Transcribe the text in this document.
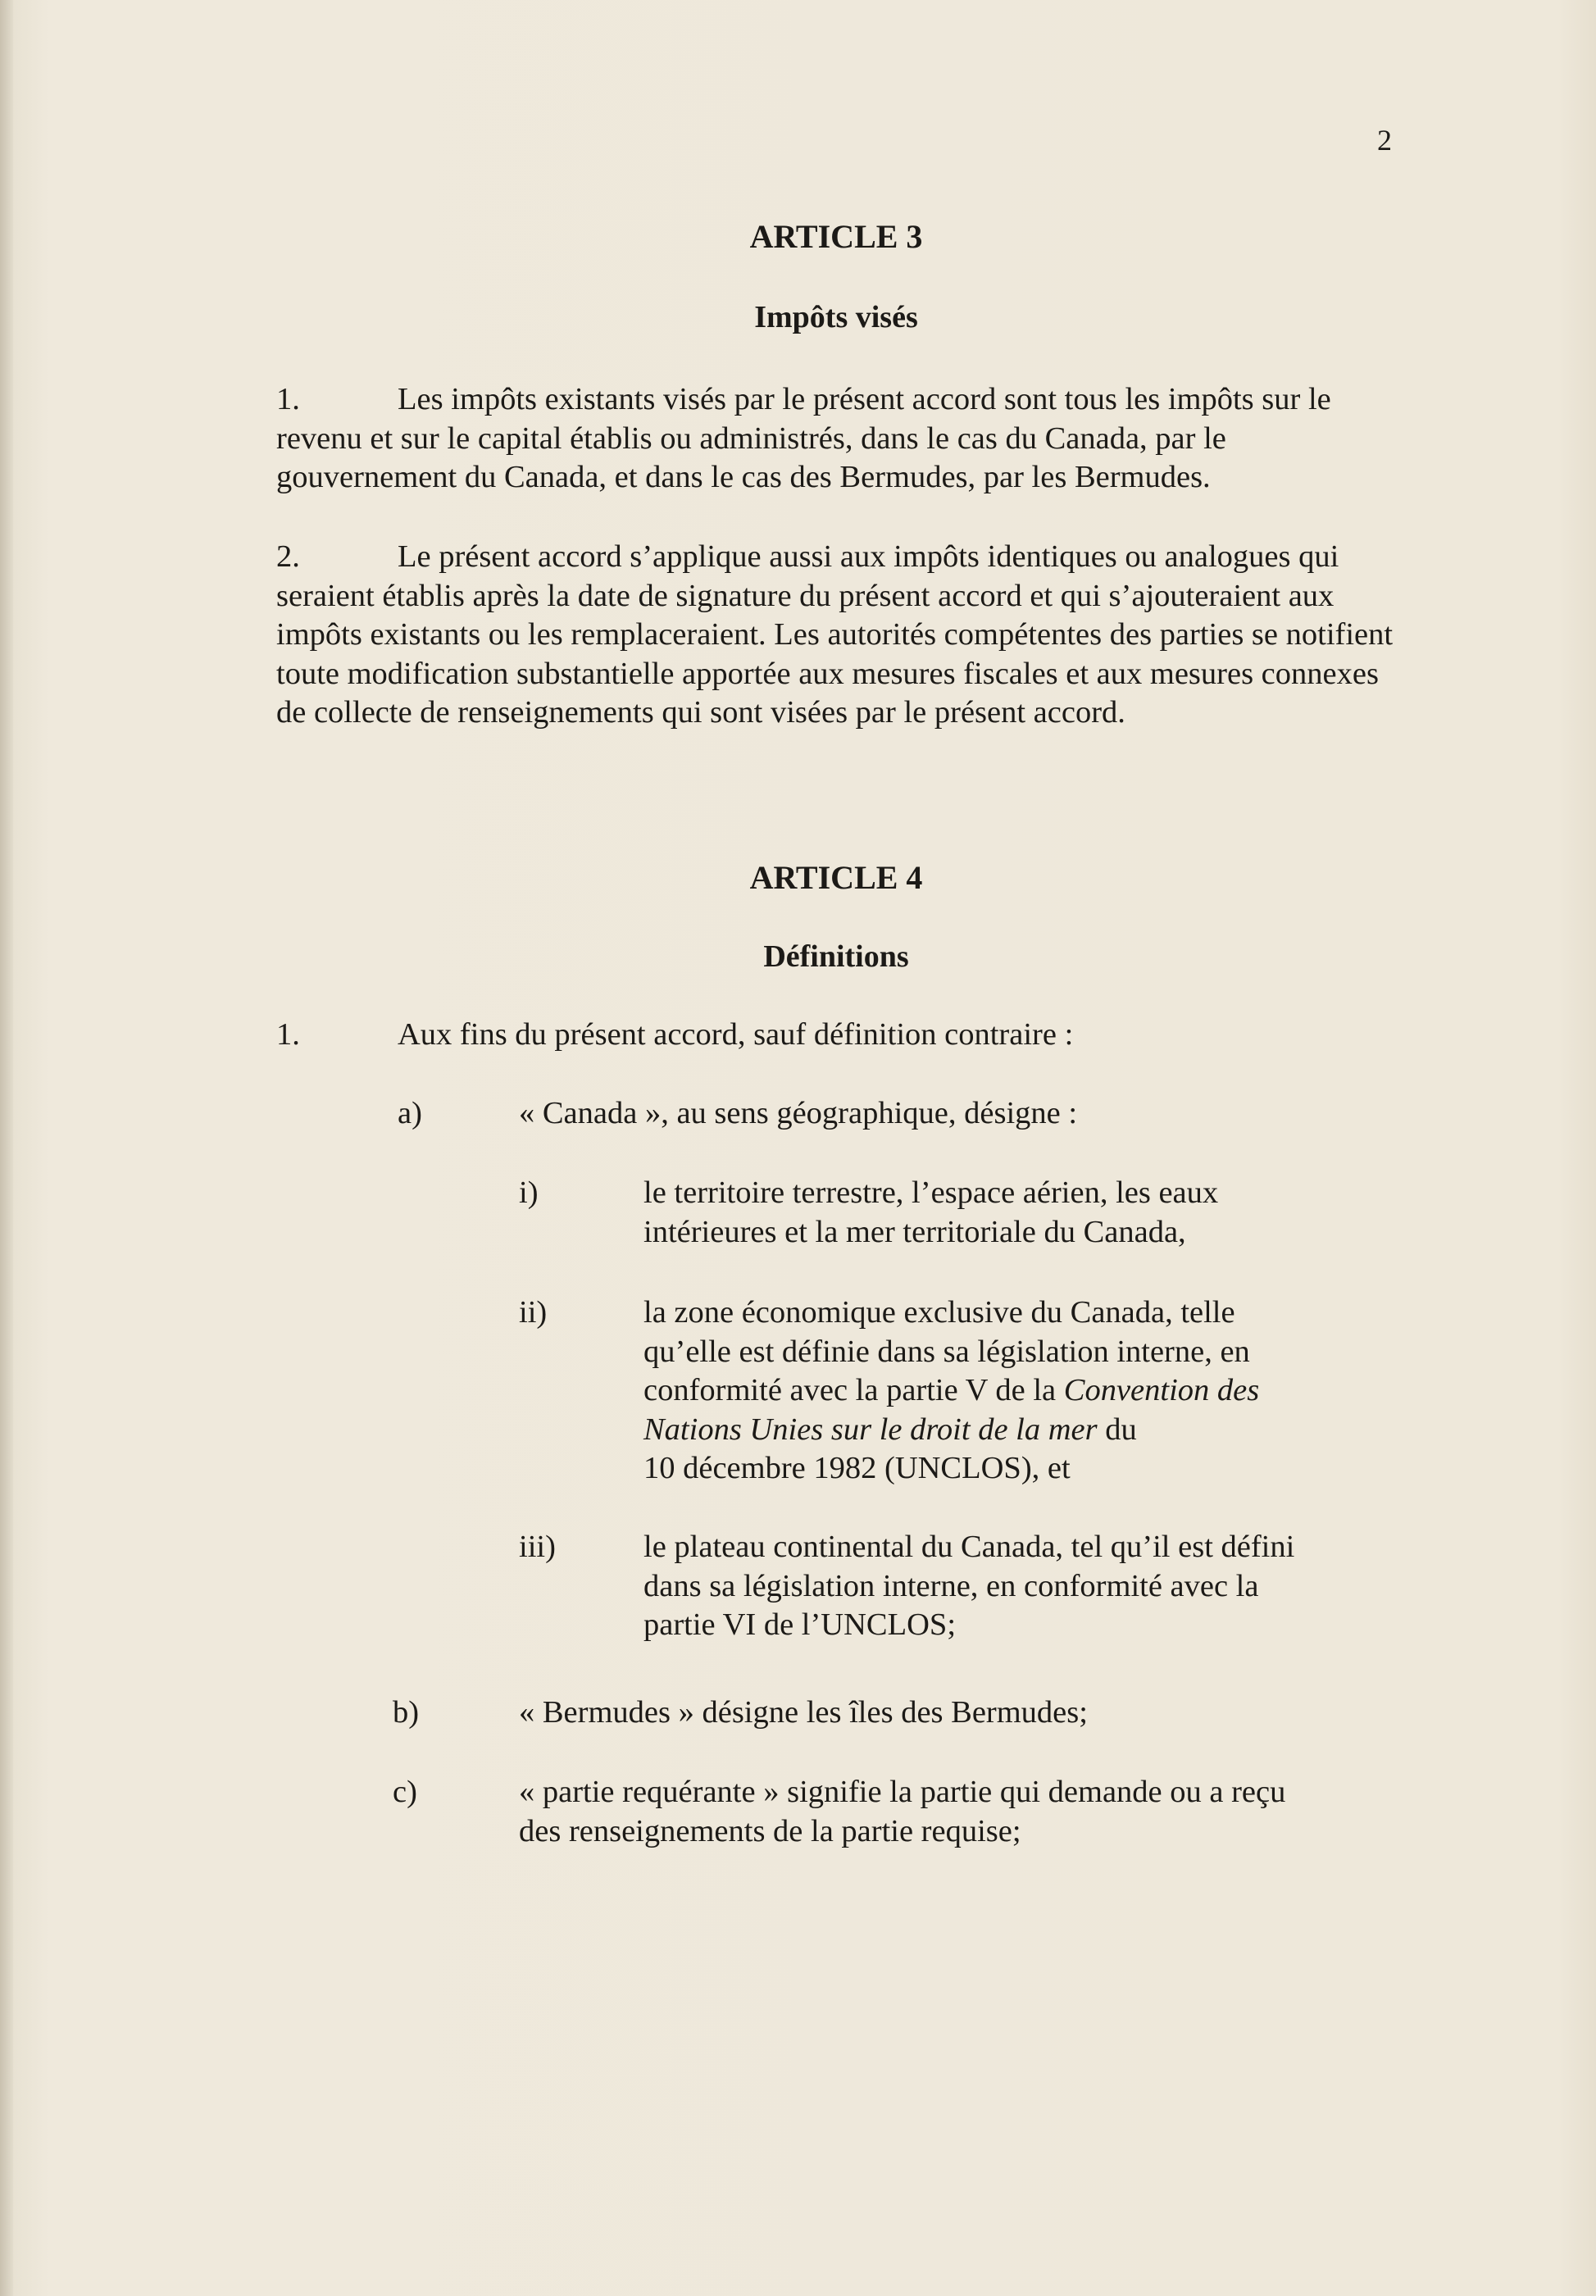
2
ARTICLE 3
Impôts visés

1.	Les impôts existants visés par le présent accord sont tous les impôts sur le revenu et sur le capital établis ou administrés, dans le cas du Canada, par le gouvernement du Canada, et dans le cas des Bermudes, par les Bermudes.

2.	Le présent accord s’applique aussi aux impôts identiques ou analogues qui seraient établis après la date de signature du présent accord et qui s’ajouteraient aux impôts existants ou les remplaceraient. Les autorités compétentes des parties se notifient toute modification substantielle apportée aux mesures fiscales et aux mesures connexes de collecte de renseignements qui sont visées par le présent accord.

ARTICLE 4
Définitions
1.	Aux fins du présent accord, sauf définition contraire :
a)	« Canada », au sens géographique, désigne :
i)	le territoire terrestre, l’espace aérien, les eaux
intérieures et la mer territoriale du Canada,
ii)	la zone économique exclusive du Canada, telle
qu’elle est définie dans sa législation interne, en
conformité avec la partie V de la Convention des
Nations Unies sur le droit de la mer du
10 décembre 1982 (UNCLOS), et
iii)	le plateau continental du Canada, tel qu’il est défini
dans sa législation interne, en conformité avec la
partie VI de l’UNCLOS;
b)	« Bermudes » désigne les îles des Bermudes;
c)	« partie requérante » signifie la partie qui demande ou a reçu
des renseignements de la partie requise;
